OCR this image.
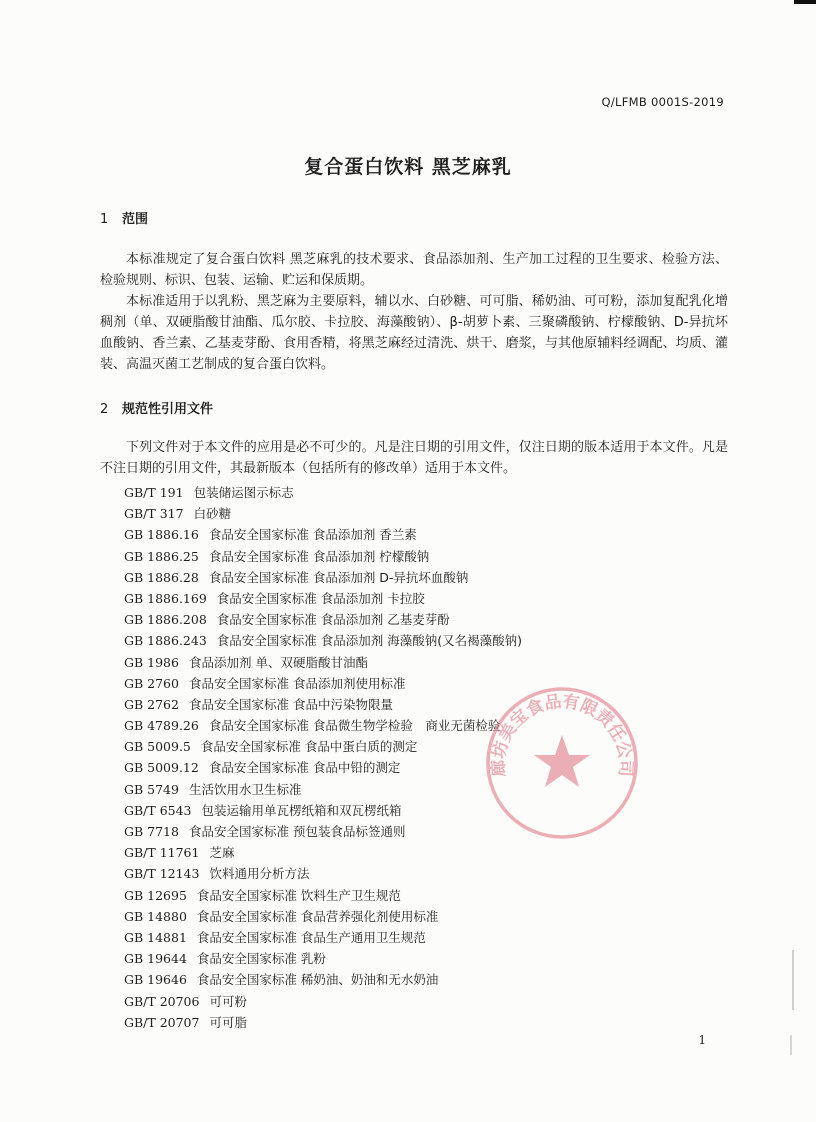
Q/LFMB 0001S-2019
复合蛋白饮料 黑芝麻乳
1 范围

本标准规定了复合蛋白饮料 黑芝麻乳的技术要求、食品添加剂、生产加工过程的卫生要求、检验方法、检验规则、标识、包装、运输、贮运和保质期。

本标准适用于以乳粉、黑芝麻为主要原料，辅以水、白砂糖、可可脂、稀奶油、可可粉，添加复配乳化增稠剂（单、双硬脂酸甘油酯、瓜尔胶、卡拉胶、海藻酸钠）、β-胡萝卜素、三聚磷酸钠、柠檬酸钠、D-异抗坏血酸钠、香兰素、乙基麦芽酚、食用香精，将黑芝麻经过清洗、烘干、磨浆，与其他原辅料经调配、均质、灌装、高温灭菌工艺制成的复合蛋白饮料。

2 规范性引用文件

下列文件对于本文件的应用是必不可少的。凡是注日期的引用文件，仅注日期的版本适用于本文件。凡是不注日期的引用文件，其最新版本（包括所有的修改单）适用于本文件。

GB/T 191 包装储运图示标志
GB/T 317 白砂糖
GB 1886.16 食品安全国家标准 食品添加剂 香兰素
GB 1886.25 食品安全国家标准 食品添加剂 柠檬酸钠
GB 1886.28 食品安全国家标准 食品添加剂 D-异抗坏血酸钠
GB 1886.169 食品安全国家标准 食品添加剂 卡拉胶
GB 1886.208 食品安全国家标准 食品添加剂 乙基麦芽酚
GB 1886.243 食品安全国家标准 食品添加剂 海藻酸钠(又名褐藻酸钠)
GB 1986 食品添加剂 单、双硬脂酸甘油酯
GB 2760 食品安全国家标准 食品添加剂使用标准
GB 2762 食品安全国家标准 食品中污染物限量
GB 4789.26 食品安全国家标准 食品微生物学检验　商业无菌检验
GB 5009.5 食品安全国家标准 食品中蛋白质的测定
GB 5009.12 食品安全国家标准 食品中铅的测定
GB 5749 生活饮用水卫生标准
GB/T 6543 包装运输用单瓦楞纸箱和双瓦楞纸箱
GB 7718 食品安全国家标准 预包装食品标签通则
GB/T 11761 芝麻
GB/T 12143 饮料通用分析方法
GB 12695 食品安全国家标准 饮料生产卫生规范
GB 14880 食品安全国家标准 食品营养强化剂使用标准
GB 14881 食品安全国家标准 食品生产通用卫生规范
GB 19644 食品安全国家标准 乳粉
GB 19646 食品安全国家标准 稀奶油、奶油和无水奶油
GB/T 20706 可可粉
GB/T 20707 可可脂
廊坊美宝食品有限责任公司
1
